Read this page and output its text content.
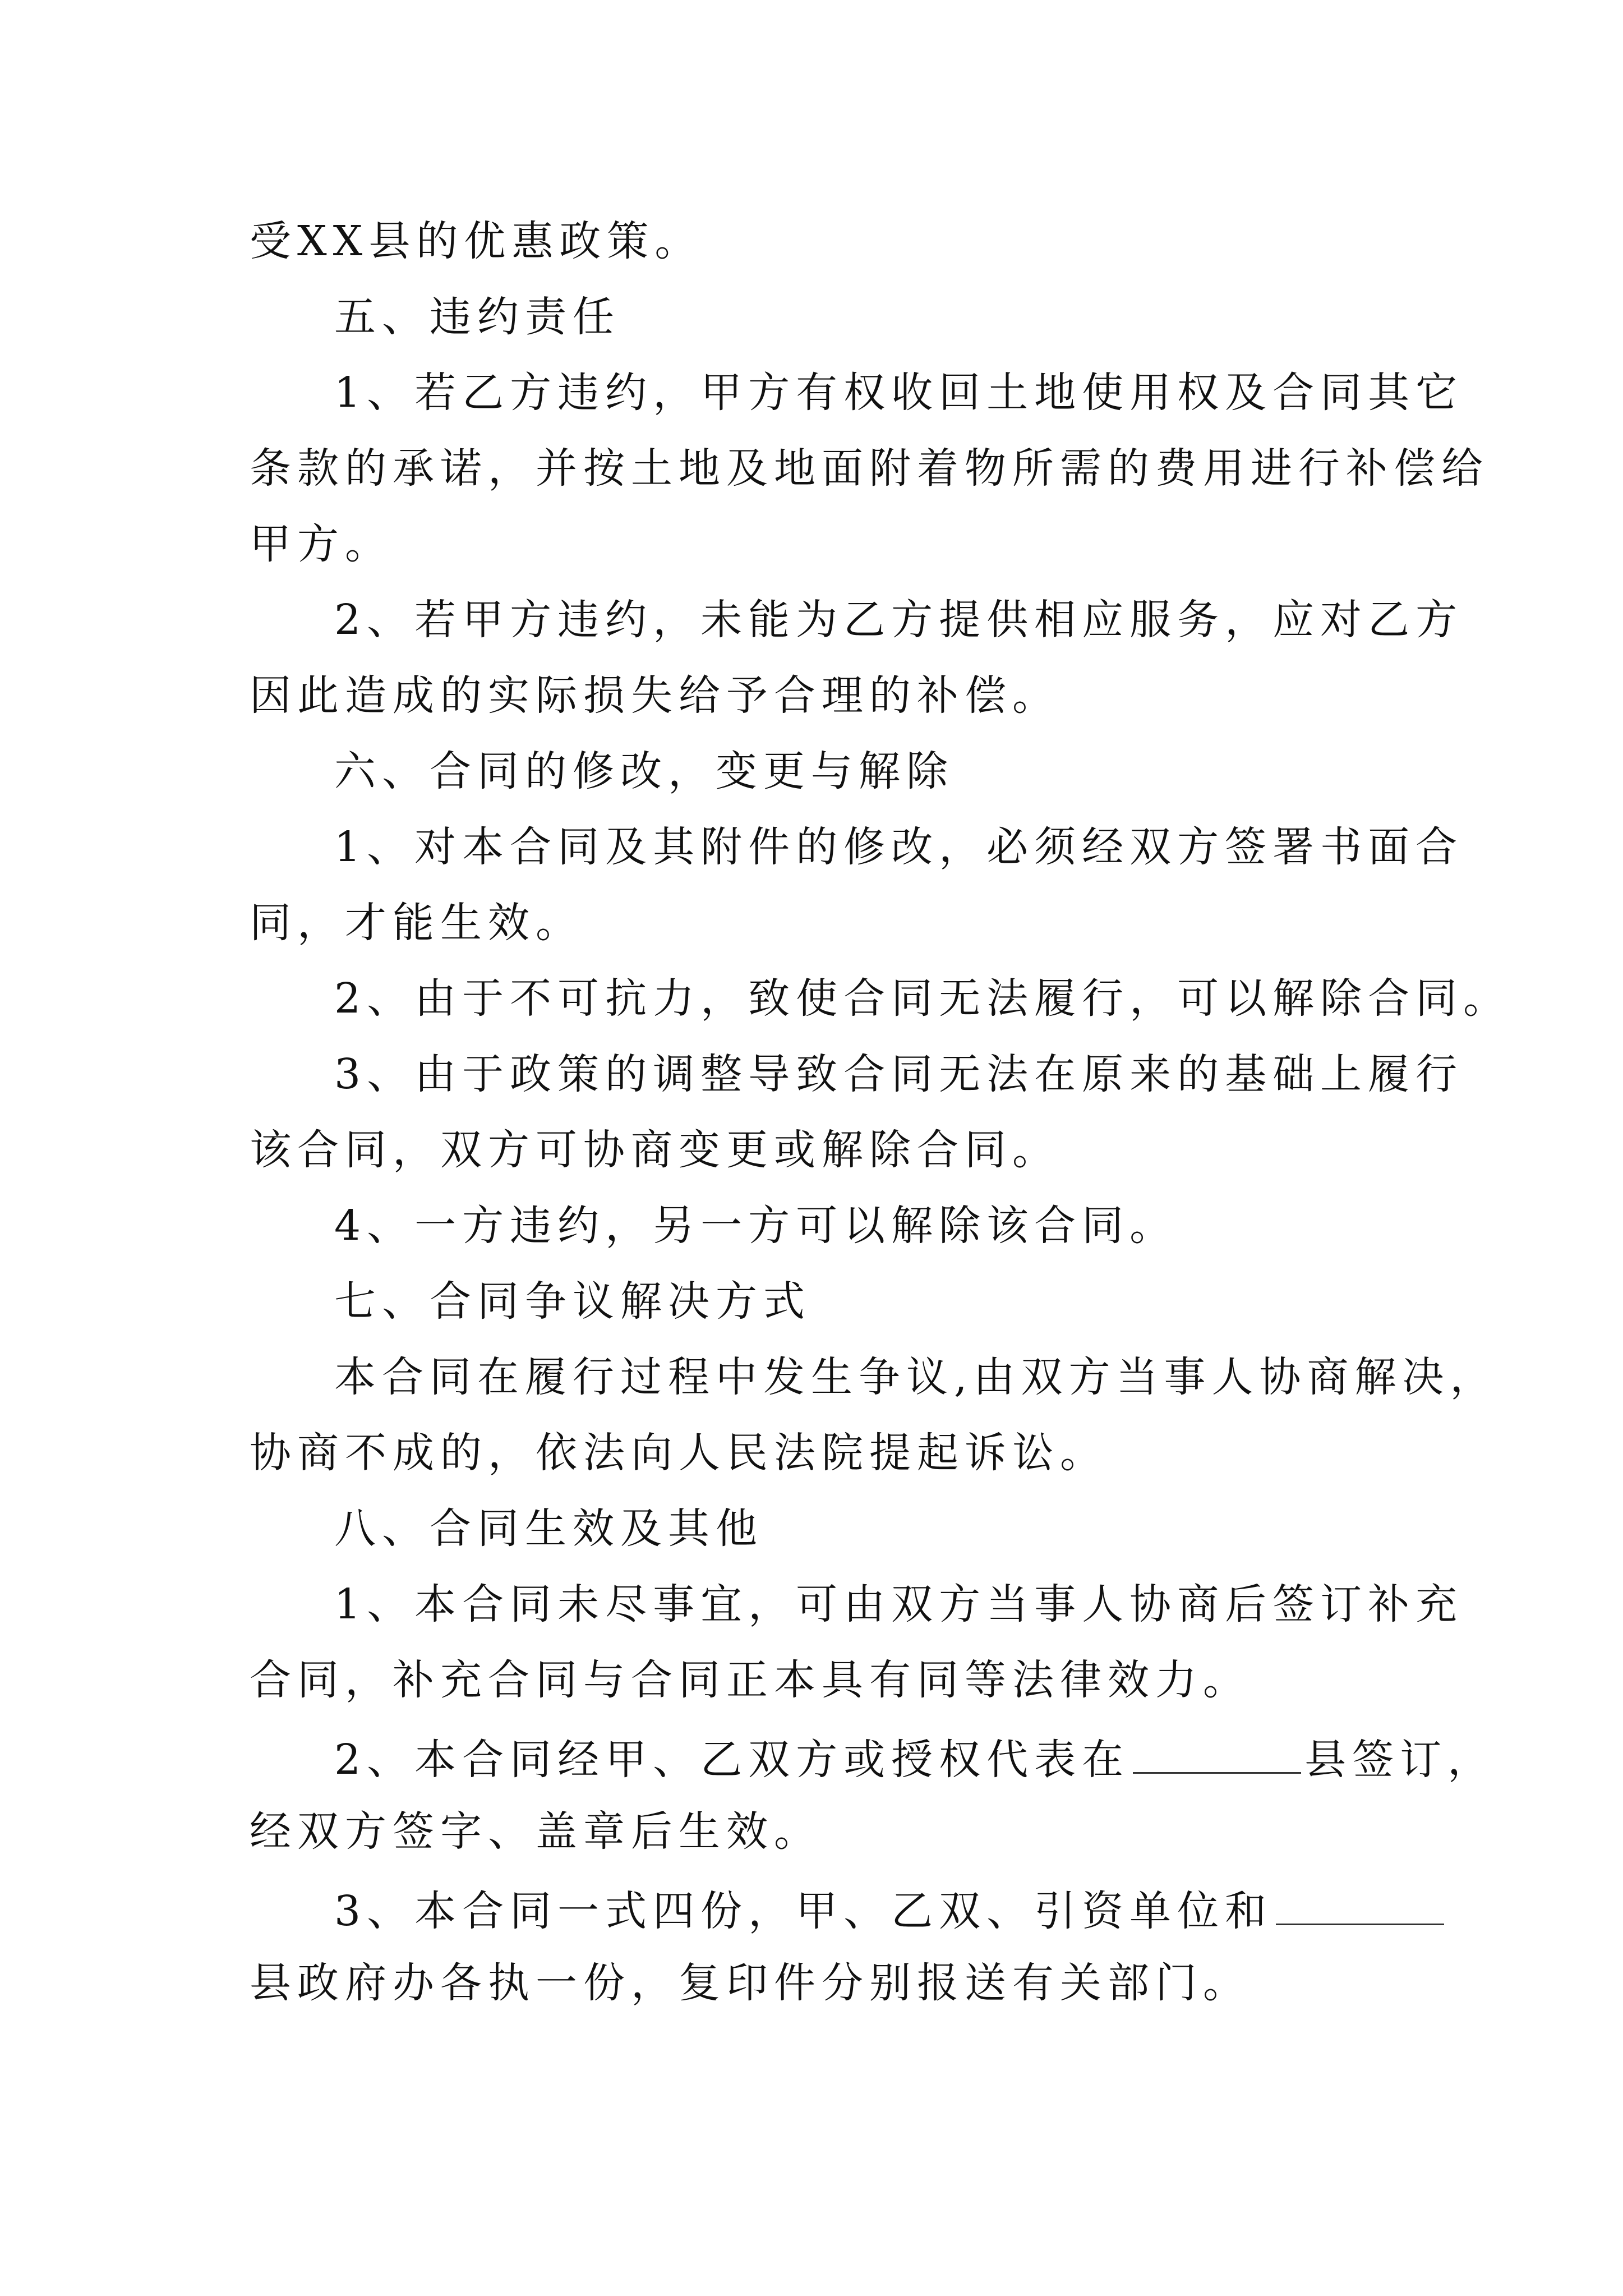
受XX县的优惠政策。
五、违约责任
1、若乙方违约，甲方有权收回土地使用权及合同其它
条款的承诺，并按土地及地面附着物所需的费用进行补偿给
甲方。
2、若甲方违约，未能为乙方提供相应服务，应对乙方
因此造成的实际损失给予合理的补偿。
六、合同的修改，变更与解除
1、对本合同及其附件的修改，必须经双方签署书面合
同，才能生效。
2、由于不可抗力，致使合同无法履行，可以解除合同。
3、由于政策的调整导致合同无法在原来的基础上履行
该合同，双方可协商变更或解除合同。
4、一方违约，另一方可以解除该合同。
七、合同争议解决方式
本合同在履行过程中发生争议,由双方当事人协商解决，
协商不成的，依法向人民法院提起诉讼。
八、合同生效及其他
1、本合同未尽事宜，可由双方当事人协商后签订补充
合同，补充合同与合同正本具有同等法律效力。
2、本合同经甲、乙双方或授权代表在	县签订，
经双方签字、盖章后生效。
3、本合同一式四份，甲、乙双、引资单位和
县政府办各执一份，复印件分别报送有关部门。
